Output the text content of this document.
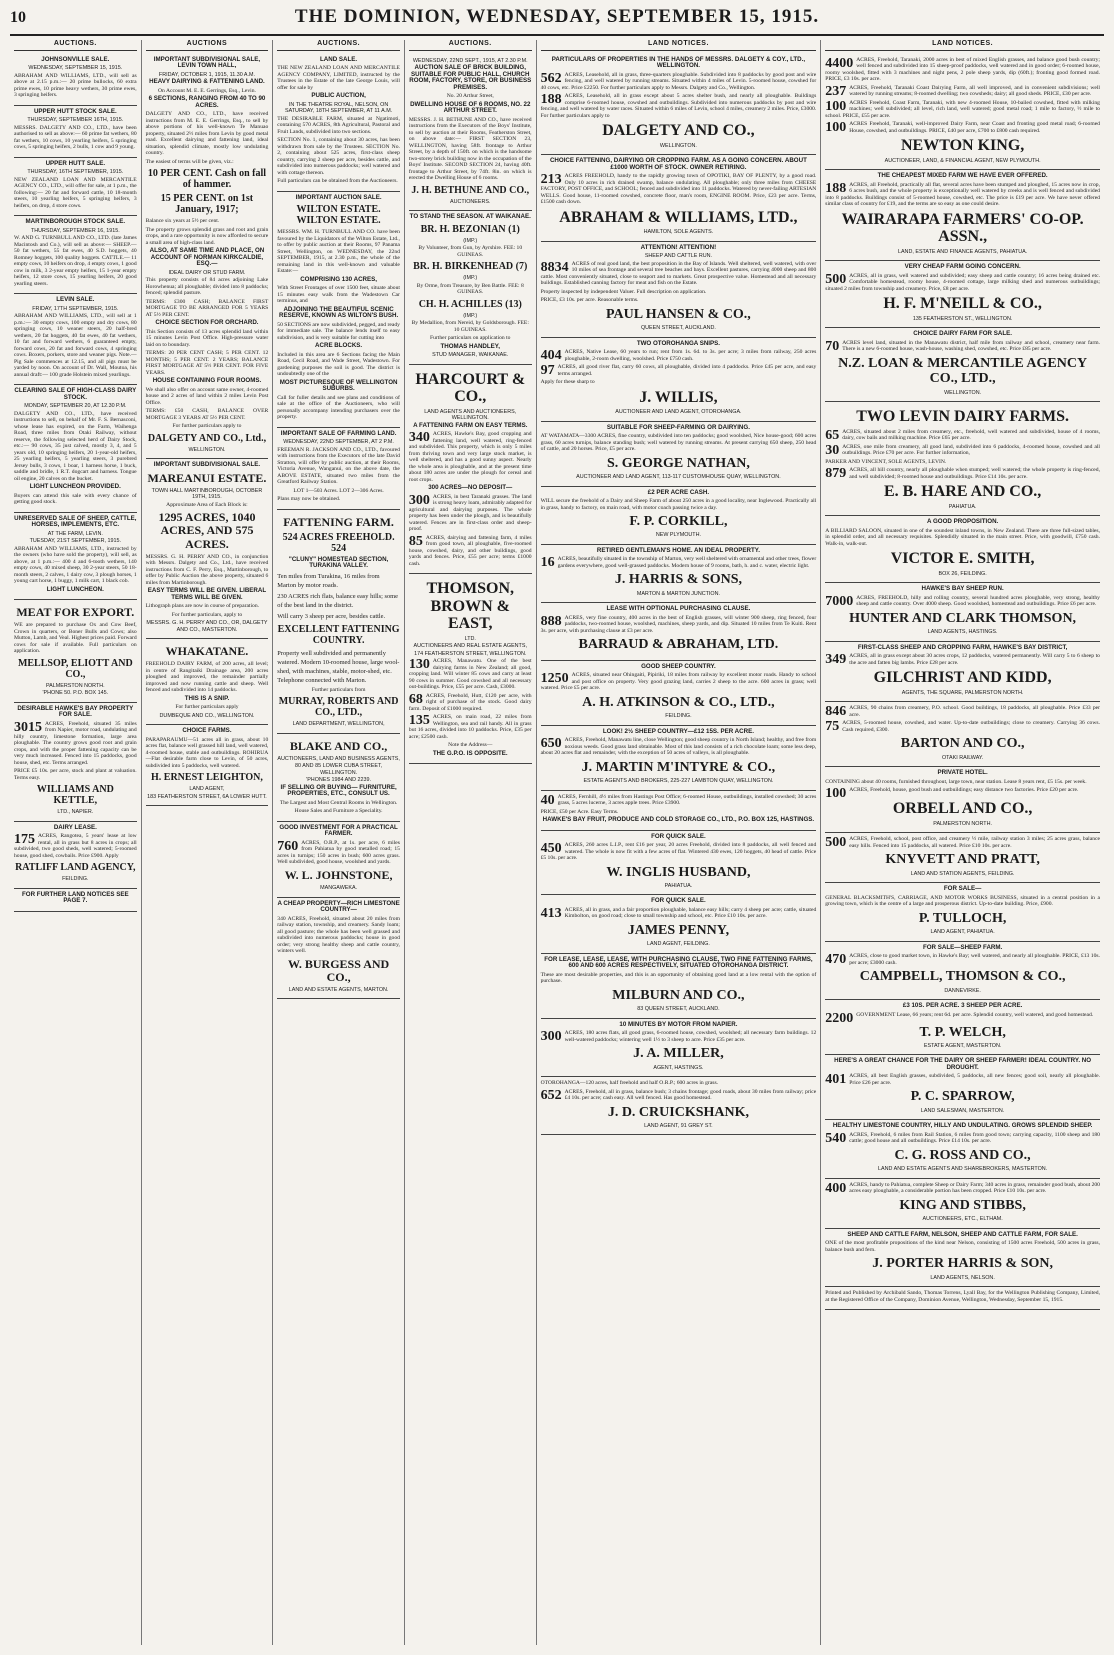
10	THE DOMINION, WEDNESDAY, SEPTEMBER 15, 1915.
AUCTIONS.
JOHNSONVILLE SALE.
WEDNESDAY, SEPTEMBER 15, 1915.

ABRAHAM AND WILLIAMS, LTD., will sell as above at 2.15 p.m.:— 20 prime bullocks, 60 extra prime ewes, 10 prime heavy wethers, 30 prime ewes, 3 springing heifers.

UPPER HUTT STOCK SALE.
THURSDAY, SEPTEMBER 16TH, 1915.

MESSRS. DALGETY AND CO., LTD., have been authorised to sell as above:— 60 prime fat wethers, 80 fat wethers, 10 cows, 10 yearling heifers, 5 springing cows, 5 springing heifers, 2 bulls, 1 cow and 9 young.

UPPER HUTT SALE.
THURSDAY, 16TH SEPTEMBER, 1915.

NEW ZEALAND LOAN AND MERCANTILE AGENCY CO., LTD., will offer for sale, at 1 p.m., the following:— 20 fat and forward cattle, 10 18-month steers, 10 yearling heifers, 5 springing heifers, 3 heifers, on drop, 4 store cows.

MARTINBOROUGH STOCK SALE.
THURSDAY, SEPTEMBER 16, 1915.

W. AND G. TURNBULL AND CO., LTD. (late James Macintosh and Co.), will sell as above:— SHEEP.— 50 fat wethers, 55 fat ewes, 40 S.D. hoggets, 40 Romney hoggets, 100 quality hoggets. CATTLE.— 11 empty cows, 10 heifers on drop, 4 empty cows, 1 good cow in milk, 3 2-year empty heifers, 15 1-year empty heifers, 12 store cows, 15 yearling heifers, 20 good yearling steers.

LEVIN SALE.
FRIDAY, 17TH SEPTEMBER, 1915.

ABRAHAM AND WILLIAMS, LTD., will sell at 1 p.m.:— 30 empty cows, 100 empty and dry cows, 80 springing cows, 10 weaner steers, 20 half-bred wethers, 20 fat hoggets, 40 fat ewes, 40 fat wethers, 10 fat and forward wethers, 6 guaranteed empty, forward cows, 20 fat and forward cows, 4 springing cows. Boxers, porkers, store and weaner pigs. Note.—Pig Sale commences at 12.15, and all pigs must be yarded by noon. On account of Dr. Wall, Moutoa, his annual draft:— 100 grade Holstein mixed yearlings.

CLEARING SALE OF HIGH-CLASS DAIRY STOCK.
MONDAY, SEPTEMBER 20, AT 12.30 P.M.

DALGETY AND CO., LTD., have received instructions to sell, on behalf of Mr. F. S. Bernasconi, whose lease has expired, on the Farm, Waihenga Road, three miles from Otaki Railway, without reserve, the following selected herd of Dairy Stock, etc.:— 90 cows, 35 just calved, mostly 3, 4, and 5 years old, 10 springing heifers, 20 1-year-old heifers, 25 yearling heifers, 5 yearling steers, 3 purebred Jersey bulls, 3 cows, 1 boar, 1 harness horse, 1 buck, saddle and bridle, 1 R.T. dogcart and harness. Tongue oil engine, 20 calves on the bucket.

LIGHT LUNCHEON PROVIDED.

Buyers can attend this sale with every chance of getting good stock.

UNRESERVED SALE OF SHEEP, CATTLE, HORSES, IMPLEMENTS, ETC.
AT THE FARM, LEVIN.
TUESDAY, 21ST SEPTEMBER, 1915.

ABRAHAM AND WILLIAMS, LTD., instructed by the owners (who have sold the property), will sell, as above, at 1 p.m.:— 400 4 and 6-tooth wethers, 140 empty cows, 40 mixed sheep, 30 2-year steers, 50 18-month steers, 2 calves, 1 dairy cow, 3 plough horses, 1 young cart horse, 1 buggy, 1 milk cart, 1 black cob.

LIGHT LUNCHEON.
MEAT FOR EXPORT.

WE are prepared to purchase Ox and Cow Beef, Crown in quarters, or Boner Bulls and Cows; also Mutton, Lamb, and Veal. Highest prices paid. Forward cows for sale if available. Full particulars on application.

MELLSOP, ELIOTT AND CO.,
PALMERSTON NORTH.
'PHONE 50. P.O. BOX 145.
DESIRABLE HAWKE'S BAY PROPERTY FOR SALE.

3015 ACRES, Freehold, situated 35 miles from Napier, motor road, undulating and hilly country, limestone formation, large area ploughable. The country grows good root and grain crops, and with the proper fattening capacity can be very much increased. Fenced into 15 paddocks, good house, shed, etc. Terms arranged.

PRICE £5 10s. per acre, stock and plant at valuation. Terms easy.

WILLIAMS AND KETTLE,
LTD., NAPIER.
DAIRY LEASE.

175 ACRES, Rangotea, 5 years' lease at low rental, all in grass but 8 acres in crops; all subdivided, two good sheds, well watered; 5-roomed house, good shed, cowbails. Price £900. Apply

RATLIFF LAND AGENCY,
FEILDING.
FOR FURTHER LAND NOTICES SEE PAGE 7.
AUCTIONS
IMPORTANT SUBDIVISIONAL SALE, LEVIN TOWN HALL,
FRIDAY, OCTOBER 1, 1915, 11.30 A.M.
HEAVY DAIRYING & FATTENING LAND.

On Account M. E. E. Gerrings, Esq., Levin.

6 SECTIONS, RANGING FROM 40 TO 90 ACRES.

DALGETY AND CO., LTD., have received instructions from M. E. E. Gerrings, Esq., to sell by above portions of his well-known Te Manuao property, situated 2½ miles from Levin by good metal road. Excellent dairying and fattening land, ideal situation, splendid climate, mostly low undulating country.

The easiest of terms will be given, viz.:

10 PER CENT. Cash on fall of hammer.
15 PER CENT. on 1st January, 1917;

Balance six years at 5½ per cent.

The property grows splendid grass and root and grain crops, and a rare opportunity is now afforded to secure a small area of high-class land.

ALSO, AT SAME TIME AND PLACE, ON ACCOUNT OF NORMAN KIRKCALDIE, ESQ.—
IDEAL DAIRY OR STUD FARM.

This property consists of 84 acres adjoining Lake Horowhenua; all ploughable; divided into 8 paddocks; fenced; splendid pasture.

TERMS: £300 CASH; BALANCE FIRST MORTGAGE TO BE ARRANGED FOR 5 YEARS AT 5½ PER CENT.

CHOICE SECTION FOR ORCHARD.

This Section consists of 13 acres splendid land within 15 minutes Levin Post Office. High-pressure water laid on to boundary.

TERMS: 20 PER CENT CASH; 5 PER CENT. 12 MONTHS; 5 PER CENT. 2 YEARS; BALANCE FIRST MORTGAGE AT 5½ PER CENT. FOR FIVE YEARS.

HOUSE CONTAINING FOUR ROOMS.

We shall also offer on account same owner, 4-roomed house and 2 acres of land within 2 miles Levin Post Office.

TERMS: £50 CASH, BALANCE OVER MORTGAGE 3 YEARS AT 5½ PER CENT.

For further particulars apply to

DALGETY AND CO., Ltd.,
WELLINGTON.
IMPORTANT SUBDIVISIONAL SALE.
MAREANUI ESTATE.
TOWN HALL MARTINBOROUGH, OCTOBER 19TH, 1915.

Approximate Area of Each Block is:

1295 ACRES, 1040 ACRES, AND 575 ACRES.

MESSRS. G. H. PERRY AND CO., in conjunction with Messrs. Dalgety and Co., Ltd., have received instructions from C. F. Perry, Esq., Martinborough, to offer by Public Auction the above property, situated 6 miles from Martinborough.

EASY TERMS WILL BE GIVEN. LIBERAL TERMS WILL BE GIVEN.

Lithograph plans are now in course of preparation.

For further particulars, apply to

MESSRS. G. H. PERRY AND CO., OR, DALGETY AND CO., MASTERTON.
WHAKATANE.

FREEHOLD DAIRY FARM, of 200 acres, all level; in centre of Rangitaiki Drainage area, 200 acres ploughed and improved, the remainder partially improved and now running cattle and sheep. Well fenced and subdivided into 14 paddocks.

THIS IS A SNIP.

For further particulars apply

DUMBEQUE AND CO., WELLINGTON.
CHOICE FARMS.

PARAPARAUMU—51 acres all in grass, about 10 acres flat, balance well grassed hill land, well watered, 4-roomed house, stable and outbuildings. ROHIRUA—Flat desirable farm close to Levin, of 50 acres, subdivided into 5 paddocks, well watered.

H. ERNEST LEIGHTON,
LAND AGENT,
183 FEATHERSTON STREET, 6A LOWER HUTT.
AUCTIONS.
LAND SALE.

THE NEW ZEALAND LOAN AND MERCANTILE AGENCY COMPANY, LIMITED, instructed by the Trustees in the Estate of the late George Louis, will offer for sale by

PUBLIC AUCTION,
IN THE THEATRE ROYAL, NELSON, ON SATURDAY, 18TH SEPTEMBER, AT 11 A.M.

THE DESIRABLE FARM, situated at Ngatimoti, containing 570 ACRES, 8th Agricultural, Pastoral and Fruit Lands, subdivided into two sections.

SECTION No. 1, containing about 30 acres, has been withdrawn from sale by the Trustees. SECTION No. 2, containing about 525 acres, first-class sheep country, carrying 2 sheep per acre, besides cattle, and subdivided into numerous paddocks; well watered and with cottage thereon.

Full particulars can be obtained from the Auctioneers.

IMPORTANT AUCTION SALE.
WILTON ESTATE. WILTON ESTATE.

MESSRS. WM. H. TURNBULL AND CO. have been favoured by the Liquidators of the Wilton Estate, Ltd., to offer by public auction at their Rooms, 97 Panama Street, Wellington, on WEDNESDAY, the 22nd SEPTEMBER, 1915, at 2.30 p.m., the whole of the remaining land in this well-known and valuable Estate:—

COMPRISING 130 ACRES,

With Street Frontages of over 1500 feet, situate about 15 minutes easy walk from the Wadestown Car terminus, and

ADJOINING THE BEAUTIFUL SCENIC RESERVE, KNOWN AS WILTON'S BUSH.

50 SECTIONS are now subdivided, pegged, and ready for immediate sale. The balance lends itself to easy subdivision, and is very suitable for cutting into

ACRE BLOCKS.

Included in this area are 6 Sections facing the Main Road, Cecil Road, and Wade Street, Wadestown. For gardening purposes the soil is good. The district is undoubtedly one of the

MOST PICTURESQUE OF WELLINGTON SUBURBS.

Call for fuller details and see plans and conditions of sale at the office of the Auctioneers, who will personally accompany intending purchasers over the property.

IMPORTANT SALE OF FARMING LAND.
WEDNESDAY, 22ND SEPTEMBER, AT 2 P.M.

FREEMAN R. JACKSON AND CO., LTD., favoured with instructions from the Executors of the late David Stratton, will offer by public auction, at their Rooms, Victoria Avenue, Wanganui, on the above date, the ABOVE ESTATE, situated two miles from the Greatford Railway Station.

LOT 1—503 Acres. LOT 2—306 Acres.

Plans may now be obtained.

FATTENING FARM.
524 ACRES FREEHOLD. 524
"CLUNY" HOMESTEAD SECTION, TURAKINA VALLEY.

Ten miles from Turakina, 16 miles from Marton by motor roads.

230 ACRES rich flats, balance easy hills; some of the best land in the district.

Will carry 3 sheep per acre, besides cattle.

EXCELLENT FATTENING COUNTRY.

Property well subdivided and permanently watered. Modern 10-roomed house, large wool-shed, with machines, stable, motor-shed, etc. Telephone connected with Marton.

Further particulars from

MURRAY, ROBERTS AND CO., LTD.,
LAND DEPARTMENT, WELLINGTON,
BLAKE AND CO.,
AUCTIONEERS, LAND AND BUSINESS AGENTS,
80 AND 85 LOWER CUBA STREET, WELLINGTON.
'PHONES 1984 AND 2239.
IF SELLING OR BUYING— FURNITURE, PROPERTIES, ETC., CONSULT US.

The Largest and Most Central Rooms in Wellington.

House Sales and Furniture a Speciality.

GOOD INVESTMENT FOR A PRACTICAL FARMER.

760 ACRES, O.R.P., at 1s. per acre, 6 miles from Pahiatua by good metalled road; 15 acres in turnips; 150 acres in bush; 600 acres grass. Well subdivided, good house, woolshed and yards.

W. L. JOHNSTONE,
MANGAWEKA.
A CHEAP PROPERTY—RICH LIMESTONE COUNTRY—

340 ACRES, Freehold, situated about 20 miles from railway station, township, and creamery. Sandy loam; all good pasture; the whole has been well grassed and subdivided into numerous paddocks; house in good order; very strong healthy sheep and cattle country, winters well.

W. BURGESS AND CO.,
LAND AND ESTATE AGENTS, MARTON.
AUCTIONS.
WEDNESDAY, 22ND SEPT., 1915, AT 2.30 P.M.
AUCTION SALE OF BRICK BUILDING, SUITABLE FOR PUBLIC HALL, CHURCH ROOM, FACTORY, STORE, OR BUSINESS PREMISES.

No. 20 Arthur Street,

DWELLING HOUSE OF 6 ROOMS, NO. 22 ARTHUR STREET.

MESSRS. J. H. BETHUNE AND CO., have received instructions from the Executors of the Boys' Institute, to sell by auction at their Rooms, Featherston Street, on above date:— FIRST SECTION 23, WELLINGTON, having 58ft. frontage to Arthur Street, by a depth of 150ft. on which is the handsome two-storey brick building now in the occupation of the Boys' Institute. SECOND SECTION 24, having 40ft. frontage to Arthur Street, by 74ft. 8in. on which is erected the Dwelling House of 6 rooms.

J. H. BETHUNE AND CO.,
AUCTIONEERS.
TO STAND THE SEASON. AT WAIKANAE.
BR. H. BEZONIAN (1)
(IMP.)

By Volunteer, from Gun, by Ayrshire. FEE: 10 GUINEAS.

BR. H. BIRKENHEAD (7)
(IMP.)

By Orme, from Treasure, by Ben Battle. FEE: 8 GUINEAS.

CH. H. ACHILLES (13)
(IMP.)

By Medallion, from Nereid, by Goldsborough. FEE: 10 GUINEAS.

Further particulars on application to

THOMAS HANDLEY,
STUD MANAGER, WAIKANAE.
HARCOURT & CO.,
LAND AGENTS AND AUCTIONEERS, WELLINGTON.
A FATTENING FARM ON EASY TERMS.

340 ACRES, Hawke's Bay, good cropping and fattening land, well watered, ring-fenced and subdivided. This property, which is only 5 miles from thriving town and very large stock market, is well sheltered, and has a good sunny aspect. Nearly the whole area is ploughable, and at the present time about 180 acres are under the plough for cereal and root crops.

300 ACRES—NO DEPOSIT—

300 ACRES, in best Taranaki grasses. The land is strong heavy loam, admirably adapted for agricultural and dairying purposes. The whole property has been under the plough, and is beautifully watered. Fences are in first-class order and sheep-proof.

85 ACRES, dairying and fattening farm, 4 miles from good town, all ploughable, five-roomed house, cowshed, dairy, and other buildings, good yards and fences. Price, £55 per acre; terms £1000 cash.

THOMSON, BROWN & EAST,
LTD.
AUCTIONEERS AND REAL ESTATE AGENTS,
174 FEATHERSTON STREET, WELLINGTON.

130 ACRES, Manawatu. One of the best dairying farms in New Zealand; all good, cropping land. Will winter 85 cows and carry at least 90 cows in summer. Good cowshed and all necessary out-buildings. Price, £55 per acre. Cash, £3000.

68 ACRES, Freehold, Hutt, £120 per acre, with right of purchase of the stock. Good dairy farm. Deposit of £1000 required.

135 ACRES, on main road, 22 miles from Wellington, sea and rail handy. All in grass but 16 acres, divided into 10 paddocks. Price, £35 per acre; £2500 cash.

Note the Address—

THE G.P.O. IS OPPOSITE.
LAND NOTICES.
PARTICULARS OF PROPERTIES IN THE HANDS OF MESSRS. DALGETY & COY., LTD., WELLINGTON.

562 ACRES, Leasehold, all in grass, three-quarters ploughable. Subdivided into 8 paddocks by good post and wire fencing, and well watered by running streams. Situated within 4 miles of Levin. 5-roomed house, cowshed for 40 cows, etc. Price £2250. For further particulars apply to Messrs. Dalgety and Co., Wellington.

188 ACRES, Leasehold, all in grass except about 5 acres shelter bush, and nearly all ploughable. Buildings comprise 6-roomed house, cowshed and outbuildings. Subdivided into numerous paddocks by post and wire fencing, and well watered by water races. Situated within 6 miles of Levin, school 4 miles, creamery 2 miles. Price, £3000. For further particulars apply to

DALGETY AND CO.,
WELLINGTON.
CHOICE FATTENING, DAIRYING OR CROPPING FARM. AS A GOING CONCERN. ABOUT £1000 WORTH OF STOCK. OWNER RETIRING.

213 ACRES FREEHOLD, handy to the rapidly growing town of OPOTIKI, BAY OF PLENTY, by a good road. Only 10 acres in rich drained swamp, balance undulating. All ploughable; only three miles from CHEESE FACTORY, POST OFFICE, and SCHOOL; fenced and subdivided into 11 paddocks. Watered by never-failing ARTESIAN WELLS. Good house, 11-roomed cowshed, concrete floor, man's room, ENGINE ROOM. Price, £23 per acre. Terms, £1500 cash down.

ABRAHAM & WILLIAMS, LTD.,
HAMILTON, SOLE AGENTS.
ATTENTION! ATTENTION!
SHEEP AND CATTLE RUN.

8834 ACRES of real good land, the best proposition in the Bay of Islands. Well sheltered, well watered, with over 10 miles of sea frontage and several tree beaches and bays. Excellent pastures, carrying 4000 sheep and 800 cattle. Most conveniently situated, close to seaport and to markets. Great prospective value. Homestead and all necessary buildings. Established canning factory for meat and fish on the Estate.

Property inspected by independent Valuer. Full description on application.

PRICE, £3 10s. per acre. Reasonable terms.

PAUL HANSEN & CO.,
QUEEN STREET, AUCKLAND.
TWO OTOROHANGA SNIPS.

404 ACRES, Native Lease, 60 years to run; rent from 1s. 6d. to 3s. per acre; 3 miles from railway, 250 acres ploughable, 2-room dwelling, woolshed. Price £750 cash.

97 ACRES, all good river flat, carry 60 cows, all ploughable, divided into 4 paddocks. Price £45 per acre, and easy terms arranged.

Apply for these sharp to

J. WILLIS,
AUCTIONEER AND LAND AGENT, OTOROHANGA.
SUITABLE FOR SHEEP-FARMING OR DAIRYING.

AT WATAMATA—3300 ACRES, fine country, subdivided into ten paddocks; good woolshed, Nice house-good; 600 acres grass, 60 acres turnips, balance standing bush; well watered by running streams. At present carrying 650 sheep, 250 head of cattle, and 20 horses. Price, £5 per acre.

S. GEORGE NATHAN,
AUCTIONEER AND LAND AGENT, 113-117 CUSTOMHOUSE QUAY, WELLINGTON.
£2 PER ACRE CASH.

WILL secure the freehold of a Dairy and Sheep Farm of about 250 acres in a good locality, near Inglewood. Practically all in grass, handy to factory, on main road, with motor coach passing twice a day.

F. P. CORKILL,
NEW PLYMOUTH.
RETIRED GENTLEMAN'S HOME. AN IDEAL PROPERTY.

16 ACRES, beautifully situated in the township of Marton, very well sheltered with ornamental and other trees, flower gardens everywhere, good well-grassed paddocks. Modern house of 9 rooms, bath, h. and c. water, electric light.

J. HARRIS & SONS,
MARTON & MARTON JUNCTION.
LEASE WITH OPTIONAL PURCHASING CLAUSE.

888 ACRES, very fine country, 400 acres in the best of English grasses, will winter 900 sheep, ring fenced, four paddocks, two-roomed house, woolshed, machines, sheep yards, and dip. Situated 10 miles from Te Kuiti. Rent 3s. per acre, with purchasing clause at £3 per acre.

BARRAUD & ABRAHAM, LTD.
GOOD SHEEP COUNTRY.

1250 ACRES, situated near Ohingaiti, Pipiriki, 18 miles from railway by excellent motor roads. Handy to school and post office on property. Very good grazing land, carries 2 sheep to the acre. 600 acres in grass; well watered. Price £5 per acre.

A. H. ATKINSON & CO., LTD.,
FEILDING.
LOOK! 2½ SHEEP COUNTRY—£12 15S. PER ACRE.

650 ACRES, Freehold, Manawatu line, close Wellington; good sheep country in North Island; healthy, and free from noxious weeds. Good grass land obtainable. Most of this land consists of a rich chocolate loam; some less deep, about 20 acres flat and remainder, with the exception of 50 acres of valleys, is all ploughable.

J. MARTIN M'INTYRE & CO.,
ESTATE AGENTS AND BROKERS, 225-227 LAMBTON QUAY, WELLINGTON.

40 ACRES, Fernhill, 4½ miles from Hastings Post Office; 6-roomed House, outbuildings, installed cowshed; 30 acres grass, 5 acres lucerne, 3 acres apple trees. Price £3900.

PRICE, £50 per Acre. Easy Terms.

HAWKE'S BAY FRUIT, PRODUCE AND COLD STORAGE CO., LTD., P.O. BOX 125, HASTINGS.
FOR QUICK SALE.

450 ACRES, 260 acres L.I.P., rent £16 per year, 20 acres Freehold, divided into 8 paddocks, all well fenced and watered. The whole is now fit with a few acres of flat. Wintered 430 ewes, 120 hoggets, 40 head of cattle. Price £5 10s. per acre.

W. INGLIS HUSBAND,
PAHIATUA.
FOR QUICK SALE.

413 ACRES, all in grass, and a fair proportion ploughable, balance easy hills; carry 4 sheep per acre; cattle, situated Kimbolton, on good road; close to small township and school, etc. Price £10 10s. per acre.

JAMES PENNY,
LAND AGENT, FEILDING.
FOR LEASE, LEASE, LEASE, WITH PURCHASING CLAUSE, TWO FINE FATTENING FARMS, 600 AND 600 ACRES RESPECTIVELY, SITUATED OTOROHANGA DISTRICT.

These are most desirable properties, and this is an opportunity of obtaining good land at a low rental with the option of purchase.

MILBURN AND CO.,
83 QUEEN STREET, AUCKLAND.
10 MINUTES BY MOTOR FROM NAPIER.

300 ACRES, 180 acres flats, all good grass, 6-roomed house, cowshed, woolshed; all necessary farm buildings. 12 well-watered paddocks; wintering well 1½ to 3 sheep to acre. Price £35 per acre.

J. A. MILLER,
AGENT, HASTINGS.

OTOROHANGA—120 acres, half freehold and half O.R.P.; 600 acres in grass.

652 ACRES, Freehold, all in grass, balance bush; 3 chains frontage; good roads, about 30 miles from railway; price £4 10s. per acre; cash easy. All well fenced. Has good homestead.

J. D. CRUICKSHANK,
LAND AGENT, 91 GREY ST.
LAND NOTICES.

4400 ACRES, Freehold, Taranaki, 2000 acres in best of mixed English grasses, and balance good bush country; well fenced and subdivided into 15 sheep-proof paddocks, well watered and in good order; 6-roomed house, roomy woolshed, fitted with 3 machines and night pens, 2 pole sheep yards, dip (60ft.); fronting good formed road. PRICE, £3 10s. per acre.

237 ACRES, Freehold, Taranaki Coast Dairying Farm, all well improved, and in convenient subdivisions; well watered by running streams; 8-roomed dwelling; two cowsheds; dairy; all good sheds. PRICE, £30 per acre.

100 ACRES Freehold, Coast Farm, Taranaki, with new 4-roomed House, 10-bailed cowshed, fitted with milking machines; well subdivided; all level, rich land, well watered; good metal road; 1 mile to factory, ½ mile to school. PRICE, £55 per acre.

100 ACRES Freehold, Taranaki, well-improved Dairy Farm, near Coast and fronting good metal road; 6-roomed House, cowshed, and outbuildings. PRICE, £40 per acre, £700 to £800 cash required.

NEWTON KING,
AUCTIONEER, LAND, & FINANCIAL AGENT, NEW PLYMOUTH.
THE CHEAPEST MIXED FARM WE HAVE EVER OFFERED.

188 ACRES, all Freehold, practically all flat, several acres have been stumped and ploughed, 15 acres now in crop, 6 acres bush, and the whole property is exceptionally well watered by creeks and is well fenced and subdivided into 8 paddocks. Buildings consist of 5-roomed house, cowshed, etc. The price is £19 per acre. We have never offered similar class of country for £19, and the terms are so easy as one could desire.

WAIRARAPA FARMERS' CO-OP. ASSN.,
LAND, ESTATE AND FINANCE AGENTS, PAHIATUA.
VERY CHEAP FARM GOING CONCERN.

500 ACRES, all in grass, well watered and subdivided; easy sheep and cattle country; 16 acres being drained etc. Comfortable homestead, roomy house, 4-roomed cottage, large milking shed and numerous outbuildings; situated 2 miles from township and creamery. Price, £8 per acre.

H. F. M'NEILL & CO.,
135 FEATHERSTON ST., WELLINGTON.
CHOICE DAIRY FARM FOR SALE.

70 ACRES level land, situated in the Manawatu district, half mile from railway and school, creamery near farm. There is a new 6-roomed house, wash-house, washing shed, cowshed, etc. Price £85 per acre.

N.Z. LOAN & MERCANTILE AGENCY CO., LTD.,
WELLINGTON.
TWO LEVIN DAIRY FARMS.

65 ACRES, situated about 2 miles from creamery, etc., freehold, well watered and subdivided, house of 4 rooms, dairy, cow bails and milking machine. Price £65 per acre.

30 ACRES, one mile from creamery, all good land, subdivided into 6 paddocks, 4-roomed house, cowshed and all outbuildings. Price £70 per acre. For further information,

PARKER AND VINCENT, SOLE AGENTS, LEVIN.

879 ACRES, all hill country, nearly all ploughable when stumped; well watered; the whole property is ring-fenced, and well subdivided; 8-roomed house and outbuildings. Price £14 10s. per acre.

E. B. HARE AND CO.,
PAHIATUA.
A GOOD PROPOSITION.

A BILLIARD SALOON, situated in one of the soundest inland towns, in New Zealand. There are three full-sized tables, in splendid order, and all necessary requisites. Splendidly situated in the main street. Price, with goodwill, £750 cash. Walk-in, walk-out.

VICTOR E. SMITH,
BOX 26, FEILDING.
HAWKE'S BAY SHEEP RUN.

7000 ACRES, FREEHOLD, hilly and rolling country, several hundred acres ploughable, very strong, healthy sheep and cattle country. Over 4000 sheep. Good woolshed, homestead and outbuildings. Price £6 per acre.

HUNTER AND CLARK THOMSON,
LAND AGENTS, HASTINGS.
FIRST-CLASS SHEEP AND CROPPING FARM, HAWKE'S BAY DISTRICT,

349 ACRES, all in grass except about 30 acres crops, 12 paddocks, watered permanently. Will carry 5 to 6 sheep to the acre and fatten big lambs. Price £28 per acre.

GILCHRIST AND KIDD,
AGENTS, THE SQUARE, PALMERSTON NORTH.

846 ACRES, 90 chains from creamery, P.O. school. Good buildings, 18 paddocks, all ploughable. Price £33 per acre.

75 ACRES, 5-roomed house, cowshed, and water. Up-to-date outbuildings; close to creamery. Carrying 36 cows. Cash required, £300.

BARTON AND CO.,
OTAKI RAILWAY.
PRIVATE HOTEL.

CONTAINING about 40 rooms, furnished throughout, large town, near station. Lease 8 years rent, £5 15s. per week.

100 ACRES, Freehold, house, good bush and outbuildings; easy distance two factories. Price £20 per acre.

ORBELL AND CO.,
PALMERSTON NORTH.

500 ACRES, Freehold, school, post office, and creamery ½ mile, railway station 3 miles; 25 acres grass, balance easy hills. Fenced into 15 paddocks, all watered. Price £10 10s. per acre.

KNYVETT AND PRATT,
LAND AND STATION AGENTS, FEILDING.
FOR SALE—

GENERAL BLACKSMITH'S, CARRIAGE, AND MOTOR WORKS BUSINESS, situated in a central position in a growing town, which is the centre of a large and prosperous district. Up-to-date building. Price, £900.

P. TULLOCH,
LAND AGENT, PAHIATUA.
FOR SALE—SHEEP FARM.

470 ACRES, close to good market town, in Hawke's Bay; well watered, and nearly all ploughable. PRICE, £13 10s. per acre; £3000 cash.

CAMPBELL, THOMSON & CO.,
DANNEVIRKE.
£3 10S. PER ACRE. 3 SHEEP PER ACRE.

2200 GOVERNMENT Lease, 66 years; rent 6d. per acre. Splendid country, well watered, and good homestead.

T. P. WELCH,
ESTATE AGENT, MASTERTON.
HERE'S A GREAT CHANCE FOR THE DAIRY OR SHEEP FARMER! IDEAL COUNTRY. NO DROUGHT.

401 ACRES, all best English grasses, subdivided, 5 paddocks, all new fences; good soil, nearly all ploughable. Price £26 per acre.

P. C. SPARROW,
LAND SALESMAN, MASTERTON.
HEALTHY LIMESTONE COUNTRY, HILLY AND UNDULATING. GROWS SPLENDID SHEEP.

540 ACRES, Freehold, 6 miles from Rail Station, 6 miles from good town; carrying capacity, 1100 sheep and 180 cattle; good house and all outbuildings. Price £14 10s. per acre.

C. G. ROSS AND CO.,
LAND AND ESTATE AGENTS AND SHAREBROKERS, MASTERTON.

400 ACRES, handy to Pahiatua, complete Sheep or Dairy Farm; 340 acres in grass, remainder good bush, about 200 acres easy ploughable, a considerable portion has been cropped. Price £10 10s. per acre.

KING AND STIBBS,
AUCTIONEERS, ETC., ELTHAM.
SHEEP AND CATTLE FARM, NELSON, SHEEP AND CATTLE FARM, FOR SALE.

ONE of the most profitable propositions of the kind near Nelson, consisting of 1500 acres Freehold, 500 acres in grass, balance bush and fern.

J. PORTER HARRIS & SON,
LAND AGENTS, NELSON.

Printed and Published by Archibald Sando, Thomas Torrens, Lyall Bay, for the Wellington Publishing Company, Limited, at the Registered Office of the Company, Dominion Avenue, Wellington, Wednesday, September 15, 1915.
